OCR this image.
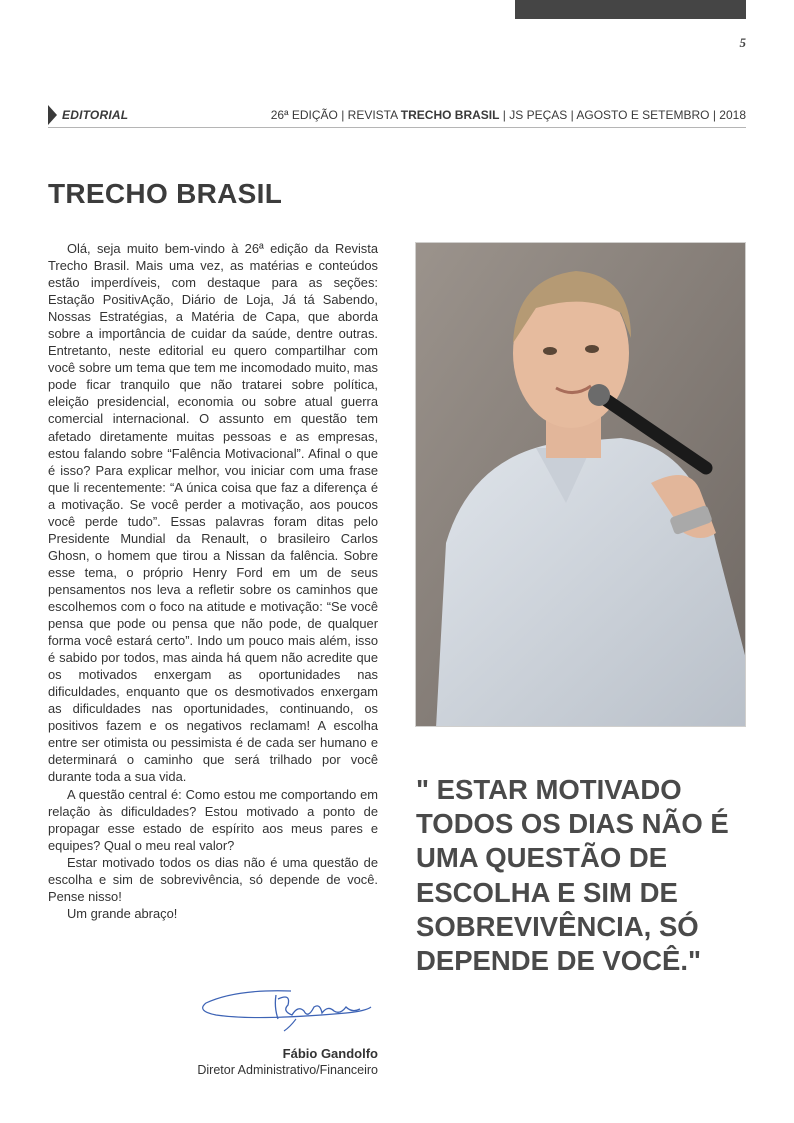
5
EDITORIAL	26ª EDIÇÃO | REVISTA TRECHO BRASIL | JS PEÇAS | AGOSTO E SETEMBRO | 2018
TRECHO BRASIL

Olá, seja muito bem-vindo à 26ª edição da Revista Trecho Brasil. Mais uma vez, as matérias e conteúdos estão imperdíveis, com destaque para as seções: Estação PositivAção, Diário de Loja, Já tá Sabendo, Nossas Estratégias, a Matéria de Capa, que aborda sobre a importância de cuidar da saúde, dentre outras. Entretanto, neste editorial eu quero compartilhar com você sobre um tema que tem me incomodado muito, mas pode ficar tranquilo que não tratarei sobre política, eleição presidencial, economia ou sobre atual guerra comercial internacional. O assunto em questão tem afetado diretamente muitas pessoas e as empresas, estou falando sobre “Falência Motivacional”. Afinal o que é isso? Para explicar melhor, vou iniciar com uma frase que li recentemente: “A única coisa que faz a diferença é a motivação. Se você perder a motivação, aos poucos você perde tudo”. Essas palavras foram ditas pelo Presidente Mundial da Renault, o brasileiro Carlos Ghosn, o homem que tirou a Nissan da falência. Sobre esse tema, o próprio Henry Ford em um de seus pensamentos nos leva a refletir sobre os caminhos que escolhemos com o foco na atitude e motivação: “Se você pensa que pode ou pensa que não pode, de qualquer forma você estará certo”. Indo um pouco mais além, isso é sabido por todos, mas ainda há quem não acredite que os motivados enxergam as oportunidades nas dificuldades, enquanto que os desmotivados enxergam as dificuldades nas oportunidades, continuando, os positivos fazem e os negativos reclamam! A escolha entre ser otimista ou pessimista é de cada ser humano e determinará o caminho que será trilhado por você durante toda a sua vida.

A questão central é: Como estou me comportando em relação às dificuldades? Estou motivado a ponto de propagar esse estado de espírito aos meus pares e equipes? Qual o meu real valor?

Estar motivado todos os dias não é uma questão de escolha e sim de sobrevivência, só depende de você. Pense nisso!

Um grande abraço!

" ESTAR MOTIVADO TODOS OS DIAS NÃO É UMA QUESTÃO DE ESCOLHA E SIM DE SOBREVIVÊNCIA, SÓ DEPENDE DE VOCÊ."
Fábio Gandolfo
Diretor Administrativo/Financeiro
